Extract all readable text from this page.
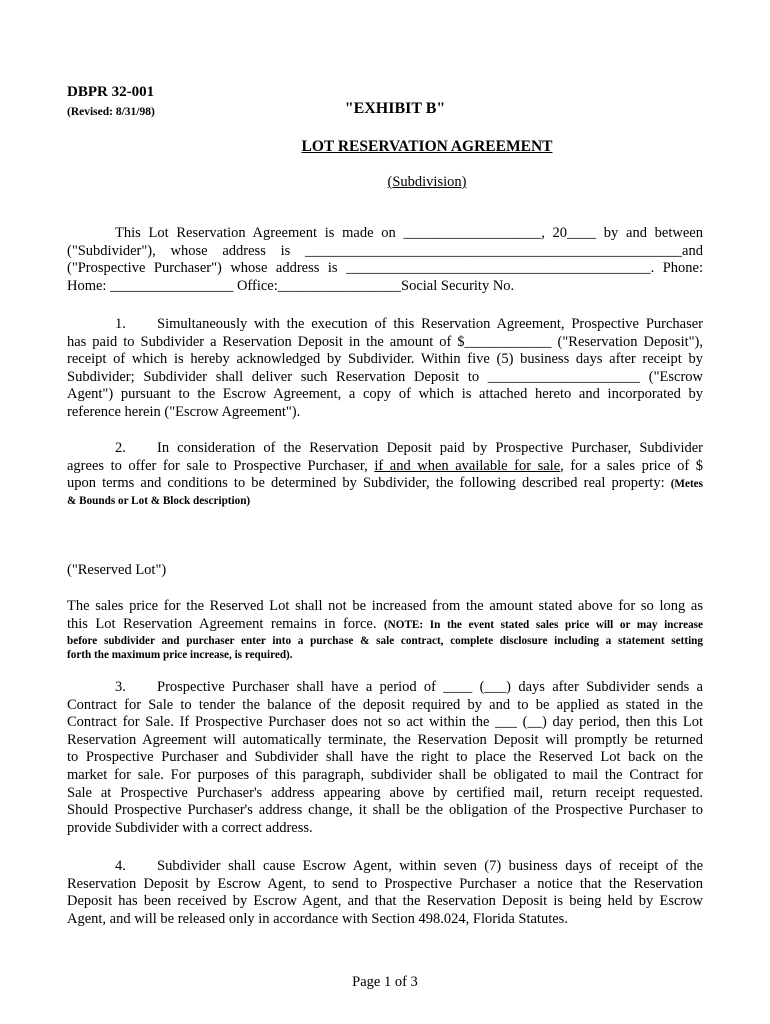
DBPR 32-001
(Revised: 8/31/98)	"EXHIBIT B"
LOT RESERVATION AGREEMENT
(Subdivision)
This Lot Reservation Agreement is made on ___________________, 20____ by and between
("Subdivider"), whose address is ____________________________________________________and
("Prospective Purchaser") whose address is __________________________________________. Phone:
Home: _________________ Office:_________________Social Security No.
1. Simultaneously with the execution of this Reservation Agreement, Prospective Purchaser
has paid to Subdivider a Reservation Deposit in the amount of $____________ ("Reservation Deposit"),
receipt of which is hereby acknowledged by Subdivider. Within five (5) business days after receipt by
Subdivider; Subdivider shall deliver such Reservation Deposit to _____________________ ("Escrow
Agent") pursuant to the Escrow Agreement, a copy of which is attached hereto and incorporated by
reference herein ("Escrow Agreement").
2. In consideration of the Reservation Deposit paid by Prospective Purchaser, Subdivider
agrees to offer for sale to Prospective Purchaser, if and when available for sale, for a sales price of $
upon terms and conditions to be determined by Subdivider, the following described real property: (Metes
& Bounds or Lot & Block description)
("Reserved Lot")
The sales price for the Reserved Lot shall not be increased from the amount stated above for so long as
this Lot Reservation Agreement remains in force. (NOTE: In the event stated sales price will or may increase
before subdivider and purchaser enter into a purchase & sale contract, complete disclosure including a statement setting
forth the maximum price increase, is required).
3. Prospective Purchaser shall have a period of ____ (___) days after Subdivider sends a
Contract for Sale to tender the balance of the deposit required by and to be applied as stated in the
Contract for Sale. If Prospective Purchaser does not so act within the ___ (__) day period, then this Lot
Reservation Agreement will automatically terminate, the Reservation Deposit will promptly be returned
to Prospective Purchaser and Subdivider shall have the right to place the Reserved Lot back on the
market for sale. For purposes of this paragraph, subdivider shall be obligated to mail the Contract for
Sale at Prospective Purchaser's address appearing above by certified mail, return receipt requested.
Should Prospective Purchaser's address change, it shall be the obligation of the Prospective Purchaser to
provide Subdivider with a correct address.
4. Subdivider shall cause Escrow Agent, within seven (7) business days of receipt of the
Reservation Deposit by Escrow Agent, to send to Prospective Purchaser a notice that the Reservation
Deposit has been received by Escrow Agent, and that the Reservation Deposit is being held by Escrow
Agent, and will be released only in accordance with Section 498.024, Florida Statutes.
Page 1 of 3
